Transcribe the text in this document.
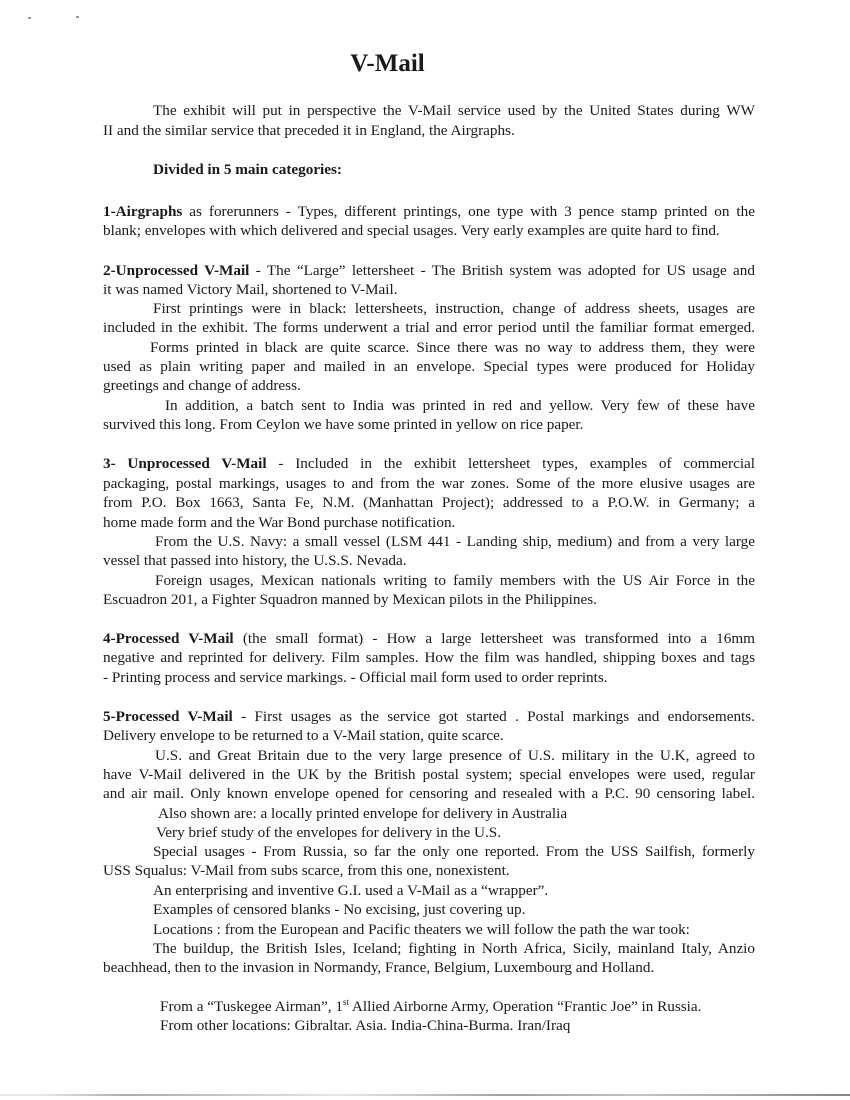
V-Mail
The exhibit will put in perspective the V-Mail service used by the United States during WW
II and the similar service that preceded it in England, the Airgraphs.
Divided in 5 main categories:
1-Airgraphs as forerunners - Types, different printings, one type with 3 pence stamp printed on the
blank; envelopes with which delivered and special usages. Very early examples are quite hard to find.
2-Unprocessed V-Mail - The “Large” lettersheet - The British system was adopted for US usage and
it was named Victory Mail, shortened to V-Mail.
First printings were in black: lettersheets, instruction, change of address sheets, usages are
included in the exhibit. The forms underwent a trial and error period until the familiar format emerged.
Forms printed in black are quite scarce. Since there was no way to address them, they were
used as plain writing paper and mailed in an envelope. Special types were produced for Holiday
greetings and change of address.
In addition, a batch sent to India was printed in red and yellow. Very few of these have
survived this long. From Ceylon we have some printed in yellow on rice paper.
3- Unprocessed V-Mail - Included in the exhibit lettersheet types, examples of commercial
packaging, postal markings, usages to and from the war zones. Some of the more elusive usages are
from P.O. Box 1663, Santa Fe, N.M. (Manhattan Project); addressed to a P.O.W. in Germany; a
home made form and the War Bond purchase notification.
From the U.S. Navy: a small vessel (LSM 441 - Landing ship, medium) and from a very large
vessel that passed into history, the U.S.S. Nevada.
Foreign usages, Mexican nationals writing to family members with the US Air Force in the
Escuadron 201, a Fighter Squadron manned by Mexican pilots in the Philippines.
4-Processed V-Mail (the small format) - How a large lettersheet was transformed into a 16mm
negative and reprinted for delivery. Film samples. How the film was handled, shipping boxes and tags
- Printing process and service markings. - Official mail form used to order reprints.
5-Processed V-Mail - First usages as the service got started . Postal markings and endorsements.
Delivery envelope to be returned to a V-Mail station, quite scarce.
U.S. and Great Britain due to the very large presence of U.S. military in the U.K, agreed to
have V-Mail delivered in the UK by the British postal system; special envelopes were used, regular
and air mail. Only known envelope opened for censoring and resealed with a P.C. 90 censoring label.
Also shown are: a locally printed envelope for delivery in Australia
Very brief study of the envelopes for delivery in the U.S.
Special usages - From Russia, so far the only one reported. From the USS Sailfish, formerly
USS Squalus: V-Mail from subs scarce, from this one, nonexistent.
An enterprising and inventive G.I. used a V-Mail as a “wrapper”.
Examples of censored blanks - No excising, just covering up.
Locations : from the European and Pacific theaters we will follow the path the war took:
The buildup, the British Isles, Iceland; fighting in North Africa, Sicily, mainland Italy, Anzio
beachhead, then to the invasion in Normandy, France, Belgium, Luxembourg and Holland.
From a “Tuskegee Airman”, 1st Allied Airborne Army, Operation “Frantic Joe” in Russia.
From other locations: Gibraltar. Asia. India-China-Burma. Iran/Iraq
